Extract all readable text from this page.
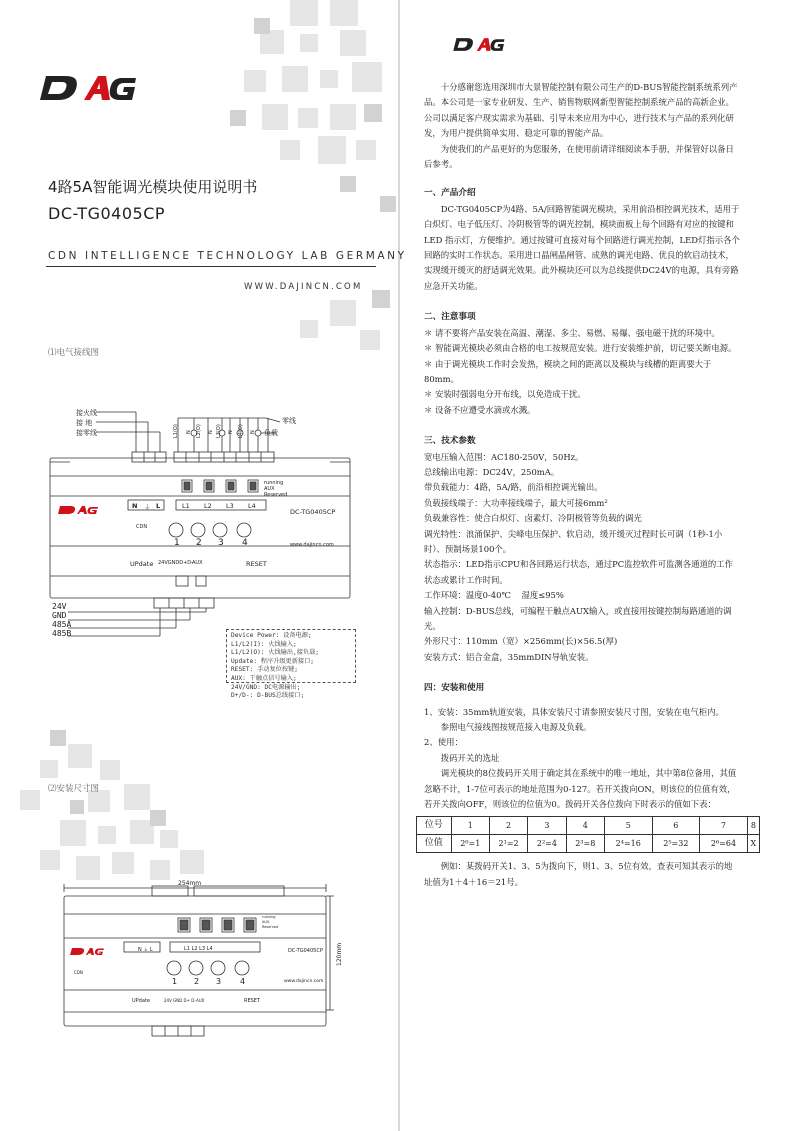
4路5A智能调光模块使用说明书
DC-TG0405CP
CDN INTELLIGENCE TECHNOLOGY LAB GERMANY
WWW.DAJINCN.COM
⑴电气接线图
接火线
接 地
接零线
零线
负载
L1(O) N L2(O) N L3(O) N L4(O) N
running
AUX
Reserved
N ⏚ L	L1 L2 L3 L4
DC-TG0405CP
CDN
1 2 3 4	www.dajincn.com
UPdate 24VGNDD+D- AUX	RESET
24V
GND
485A
485B	Device Power: 设备电源;
L1/L2(I): 火线输入;
L1/L2(O): 火线输出,接负载;
Update: 程序升级更新接口;
RESET: 手动复位按键;
AUX: 干触点信号输入;
24V/GND: DC电源输出;
D+/D-: D-BUS总线接口;
⑵安装尺寸图
N ⏚ L	L1 L2 L3 L4	DC-TG0405CP
CDN
1 2 3 4	www.dajincn.com
UPdate	24V GND D+ D- AUX	RESET
running
AUX
Reserved
254mm
120mm

十分感谢您选用深圳市大景智能控制有限公司生产的D-BUS智能控制系统系列产品。本公司是一家专业研发、生产、销售物联网新型智能控制系统产品的高新企业。公司以满足客户现实需求为基础、引导未来应用为中心，进行技术与产品的系列化研发，为用户提供简单实用、稳定可靠的智能产品。

为使我们的产品更好的为您服务，在使用前请详细阅读本手册，并保管好以备日后参考。

一、产品介绍

DC-TG0405CP为4路、5A/回路智能调光模块，采用前沿相控调光技术，适用于白炽灯、电子低压灯、冷阴极管等的调光控制，模块面板上每个回路有对应的按键和LED 指示灯，方便维护。通过按键可直接对每个回路进行调光控制，LED灯指示各个回路的实时工作状态。采用进口晶闸晶闸管、成熟的调光电路、优良的软启动技术，实现缓开缓灭的舒适调光效果。此外模块还可以为总线提供DC24V的电源，具有旁路应急开关功能。

二、注意事项

＊ 请不要将产品安装在高温、潮湿、多尘、易燃、易爆、强电磁干扰的环境中。

＊ 智能调光模块必须由合格的电工按规范安装。进行安装维护前，切记要关断电源。

＊ 由于调光模块工作时会发热，模块之间的距离以及模块与线槽的距离要大于80mm。

＊ 安装时强弱电分开布线，以免造成干扰。

＊ 设备不应遭受水滴或水溅。

三、技术参数

宽电压输入范围：AC180-250V，50Hz。

总线输出电源：DC24V，250mA。

带负载能力：4路，5A/路，前沿相控调光输出。

负载接线端子：大功率接线端子，最大可接6mm²

负载兼容性：使合白炽灯、卤素灯、冷阴极管等负载的调光

调光特性：浪涌保护、尖峰电压保护、软启动，缓开缓灭过程时长可调（1秒-1小时）、预制场景100个。

状态指示：LED指示CPU和各回路运行状态，通过PC监控软件可监测各通道的工作状态或累计工作时间。

工作环境：温度0-40℃    湿度≤95%

输入控制：D-BUS总线，可编程干触点AUX输入，或直接用按键控制每路通道的调光。

外形尺寸：110mm（宽）×256mm(长)×56.5(厚)

安装方式：铝合金盒，35mmDIN导轨安装。

四：安装和使用

1、安装：35mm轨道安装，具体安装尺寸请参照安装尺寸图，安装在电气柜内。

参照电气接线图按规范接入电源及负载。

2、使用：

拨码开关的选址

调光模块的8位拨码开关用于确定其在系统中的唯一地址，其中第8位备用，其值忽略不计，1-7位可表示的地址范围为0-127。若开关拨向ON，则该位的位值有效，若开关拨向OFF，则该位的位值为0。拨码开关各位拨向下时表示的值如下表：

位号	1	2	3	4	5	6	7	8
位值	2⁰=1	2¹=2	2²=4	2³=8	2⁴=16	2⁵=32	2⁶=64	X

例如：某拨码开关1、3、5为拨向下，则1、3、5位有效，查表可知其表示的地址值为1＋4＋16＝21号。
